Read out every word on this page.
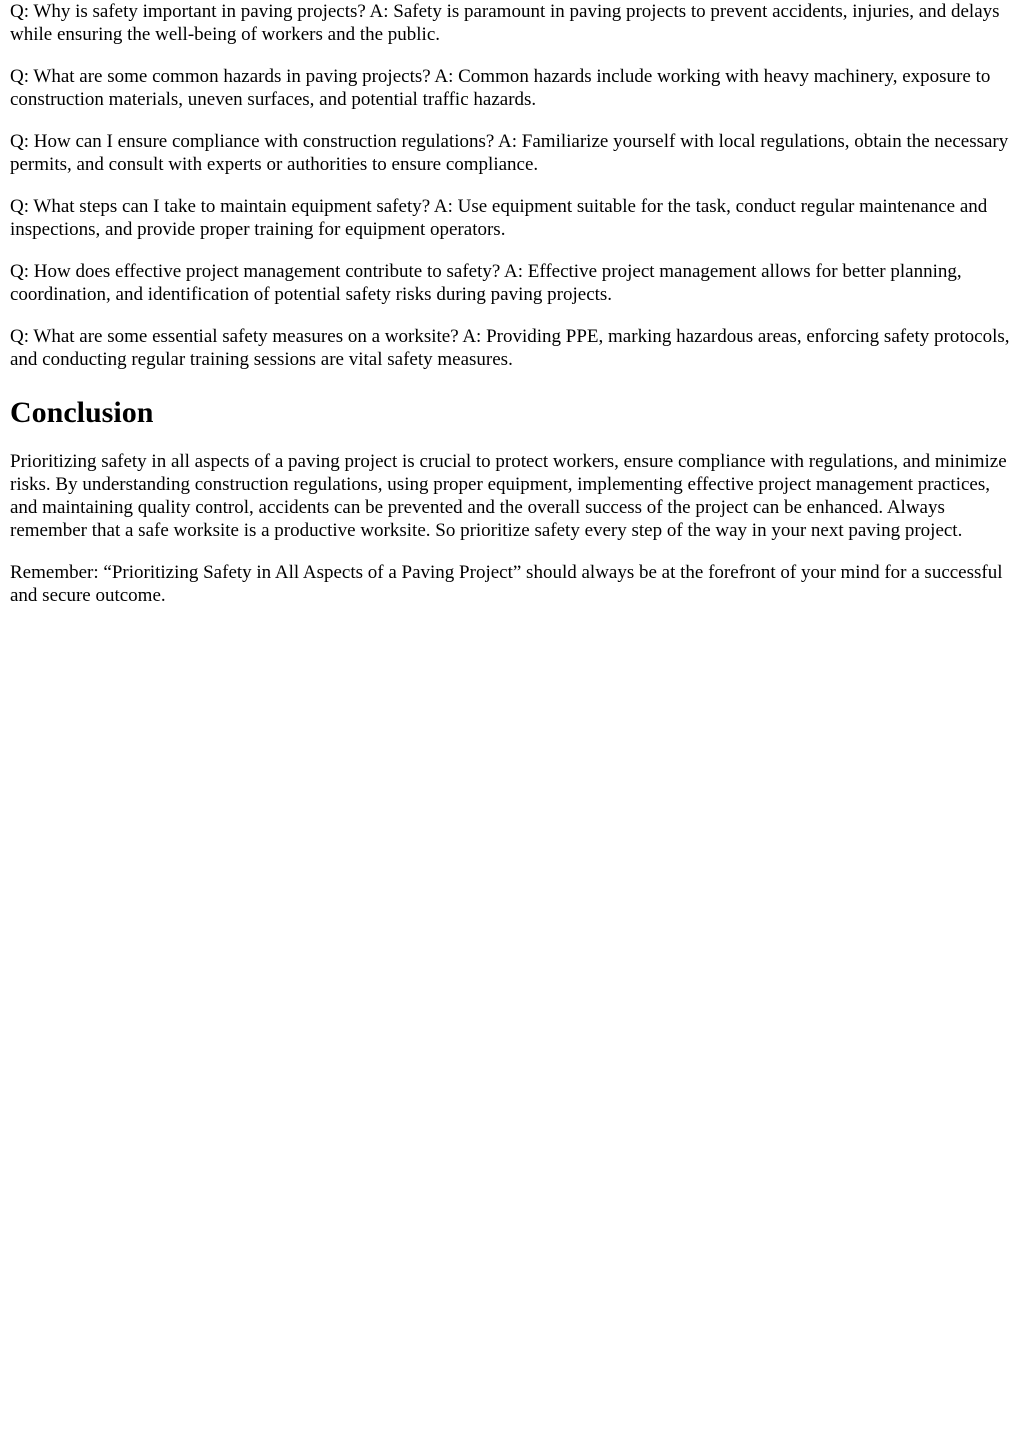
Q: Why is safety important in paving projects? A: Safety is paramount in paving projects to prevent accidents, injuries, and delays while ensuring the well-being of workers and the public.

Q: What are some common hazards in paving projects? A: Common hazards include working with heavy machinery, exposure to construction materials, uneven surfaces, and potential traffic hazards.

Q: How can I ensure compliance with construction regulations? A: Familiarize yourself with local regulations, obtain the necessary permits, and consult with experts or authorities to ensure compliance.

Q: What steps can I take to maintain equipment safety? A: Use equipment suitable for the task, conduct regular maintenance and inspections, and provide proper training for equipment operators.

Q: How does effective project management contribute to safety? A: Effective project management allows for better planning, coordination, and identification of potential safety risks during paving projects.

Q: What are some essential safety measures on a worksite? A: Providing PPE, marking hazardous areas, enforcing safety protocols, and conducting regular training sessions are vital safety measures.

Conclusion

Prioritizing safety in all aspects of a paving project is crucial to protect workers, ensure compliance with regulations, and minimize risks. By understanding construction regulations, using proper equipment, implementing effective project management practices, and maintaining quality control, accidents can be prevented and the overall success of the project can be enhanced. Always remember that a safe worksite is a productive worksite. So prioritize safety every step of the way in your next paving project.

Remember: “Prioritizing Safety in All Aspects of a Paving Project” should always be at the forefront of your mind for a successful and secure outcome.
